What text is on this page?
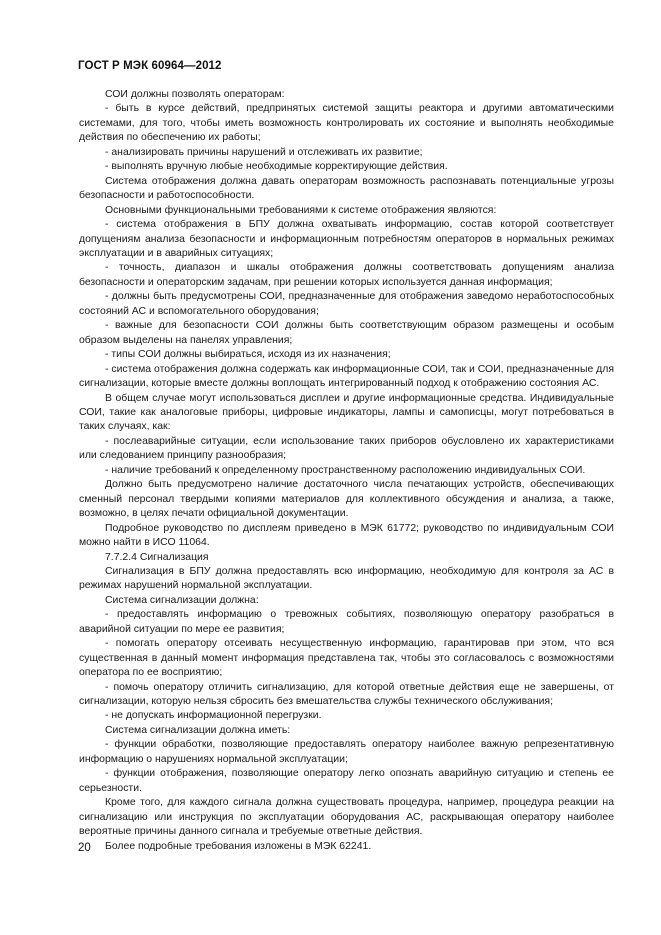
ГОСТ Р МЭК 60964—2012

СОИ должны позволять операторам:

- быть в курсе действий, предпринятых системой защиты реактора и другими автоматическими системами, для того, чтобы иметь возможность контролировать их состояние и выполнять необходимые действия по обеспечению их работы;

- анализировать причины нарушений и отслеживать их развитие;

- выполнять вручную любые необходимые корректирующие действия.

Система отображения должна давать операторам возможность распознавать потенциальные угрозы безопасности и работоспособности.

Основными функциональными требованиями к системе отображения являются:

- система отображения в БПУ должна охватывать информацию, состав которой соответствует допущениям анализа безопасности и информационным потребностям операторов в нормальных режимах эксплуатации и в аварийных ситуациях;

- точность, диапазон и шкалы отображения должны соответствовать допущениям анализа безопасности и операторским задачам, при решении которых используется данная информация;

- должны быть предусмотрены СОИ, предназначенные для отображения заведомо неработоспособных состояний АС и вспомогательного оборудования;

- важные для безопасности СОИ должны быть соответствующим образом размещены и особым образом выделены на панелях управления;

- типы СОИ должны выбираться, исходя из их назначения;

- система отображения должна содержать как информационные СОИ, так и СОИ, предназначенные для сигнализации, которые вместе должны воплощать интегрированный подход к отображению состояния АС.

В общем случае могут использоваться дисплеи и другие информационные средства. Индивидуальные СОИ, такие как аналоговые приборы, цифровые индикаторы, лампы и самописцы, могут потребоваться в таких случаях, как:

- послеаварийные ситуации, если использование таких приборов обусловлено их характеристиками или следованием принципу разнообразия;

- наличие требований к определенному пространственному расположению индивидуальных СОИ.

Должно быть предусмотрено наличие достаточного числа печатающих устройств, обеспечивающих сменный персонал твердыми копиями материалов для коллективного обсуждения и анализа, а также, возможно, в целях печати официальной документации.

Подробное руководство по дисплеям приведено в МЭК 61772; руководство по индивидуальным СОИ можно найти в ИСО 11064.

7.7.2.4 Сигнализация

Сигнализация в БПУ должна предоставлять всю информацию, необходимую для контроля за АС в режимах нарушений нормальной эксплуатации.

Система сигнализации должна:

- предоставлять информацию о тревожных событиях, позволяющую оператору разобраться в аварийной ситуации по мере ее развития;

- помогать оператору отсеивать несущественную информацию, гарантировав при этом, что вся существенная в данный момент информация представлена так, чтобы это согласовалось с возможностями оператора по ее восприятию;

- помочь оператору отличить сигнализацию, для которой ответные действия еще не завершены, от сигнализации, которую нельзя сбросить без вмешательства службы технического обслуживания;

- не допускать информационной перегрузки.

Система сигнализации должна иметь:

- функции обработки, позволяющие предоставлять оператору наиболее важную репрезентативную информацию о нарушениях нормальной эксплуатации;

- функции отображения, позволяющие оператору легко опознать аварийную ситуацию и степень ее серьезности.

Кроме того, для каждого сигнала должна существовать процедура, например, процедура реакции на сигнализацию или инструкция по эксплуатации оборудования АС, раскрывающая оператору наиболее вероятные причины данного сигнала и требуемые ответные действия.

Более подробные требования изложены в МЭК 62241.

20
